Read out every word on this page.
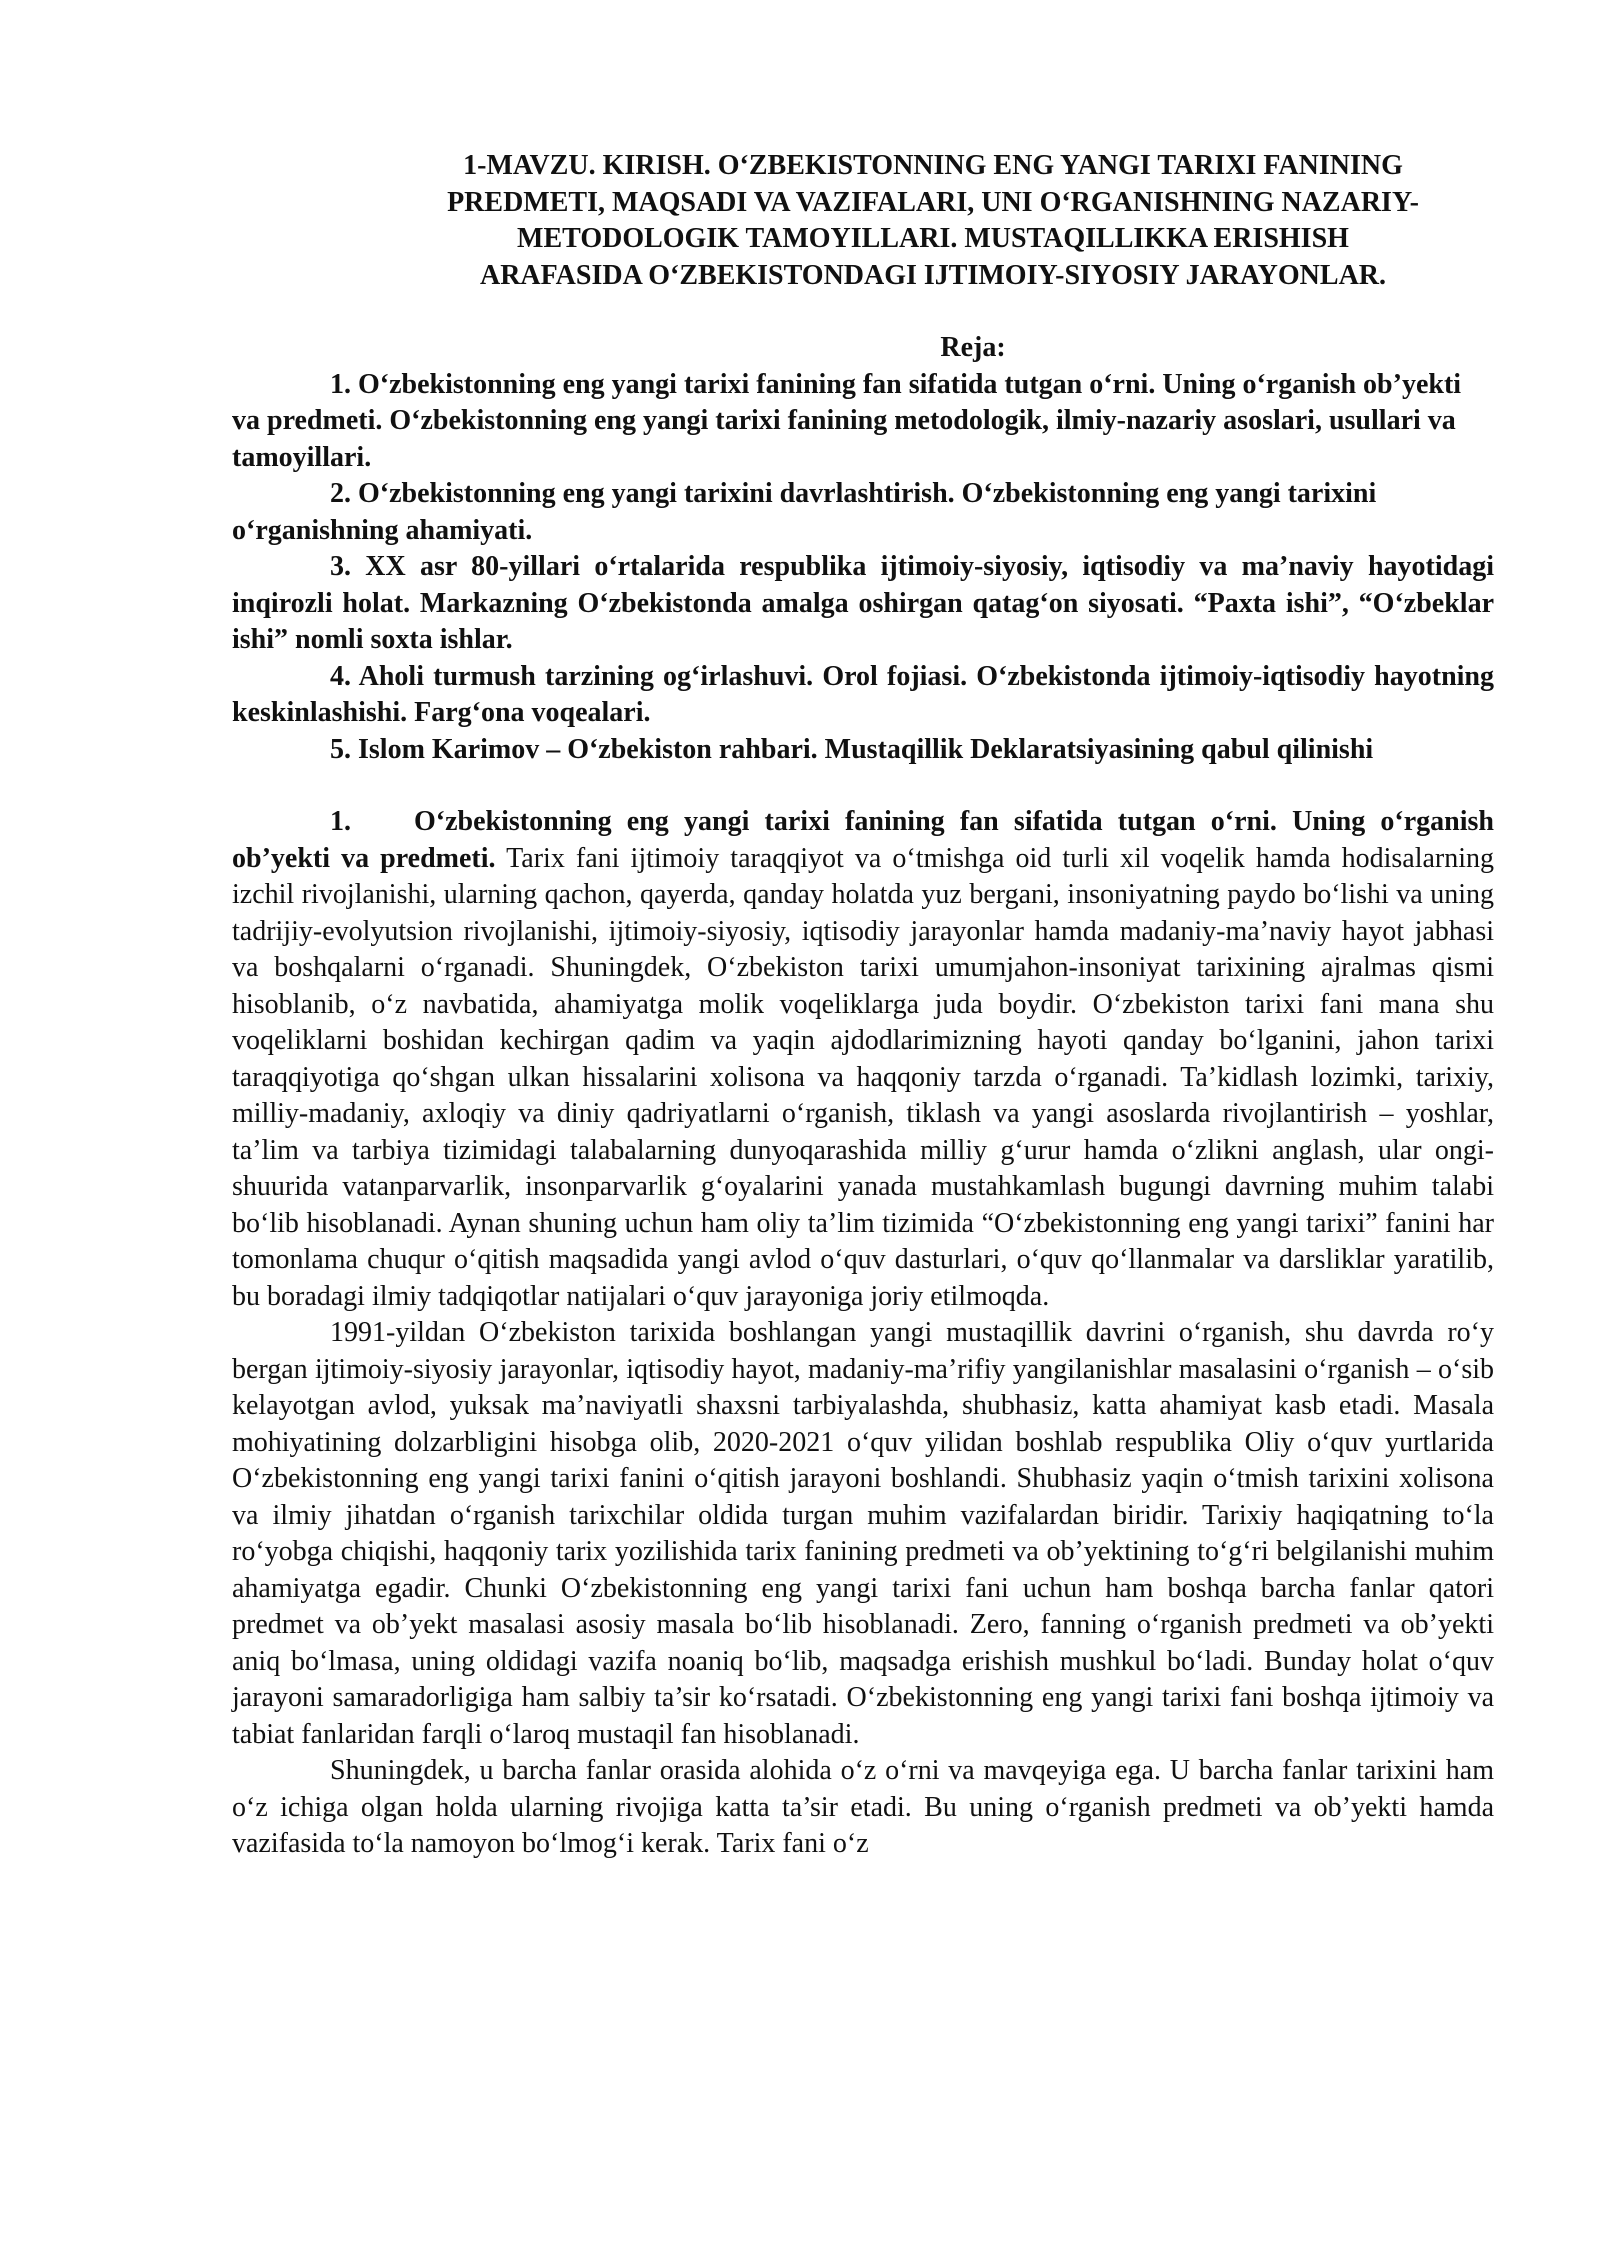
1-MAVZU. KIRISH. O‘ZBEKISTONNING ENG YANGI TARIXI FANINING
PREDMETI, MAQSADI VA VAZIFALARI, UNI O‘RGANISHNING NAZARIY-
METODOLOGIK TAMOYILLARI. MUSTAQILLIKKA ERISHISH
ARAFASIDA O‘ZBEKISTONDAGI IJTIMOIY-SIYOSIY JARAYONLAR.
Reja:

1. O‘zbekistonning eng yangi tarixi fanining fan sifatida tutgan o‘rni. Uning o‘rganish ob’yekti va predmeti. O‘zbekistonning eng yangi tarixi fanining metodologik, ilmiy-nazariy asoslari, usullari va tamoyillari.

2. O‘zbekistonning eng yangi tarixini davrlashtirish. O‘zbekistonning eng yangi tarixini o‘rganishning ahamiyati.

3. XX asr 80-yillari o‘rtalarida respublika ijtimoiy-siyosiy, iqtisodiy va ma’naviy hayotidagi inqirozli holat. Markazning O‘zbekistonda amalga oshirgan qatag‘on siyosati. “Paxta ishi”, “O‘zbeklar ishi” nomli soxta ishlar.

4. Aholi turmush tarzining og‘irlashuvi. Orol fojiasi. O‘zbekistonda ijtimoiy-iqtisodiy hayotning keskinlashishi. Farg‘ona voqealari.

5. Islom Karimov – O‘zbekiston rahbari. Mustaqillik Deklaratsiyasining qabul qilinishi

1. O‘zbekistonning eng yangi tarixi fanining fan sifatida tutgan o‘rni. Uning o‘rganish ob’yekti va predmeti. Tarix fani ijtimoiy taraqqiyot va o‘tmishga oid turli xil voqelik hamda hodisalarning izchil rivojlanishi, ularning qachon, qayerda, qanday holatda yuz bergani, insoniyatning paydo bo‘lishi va uning tadrijiy-evolyutsion rivojlanishi, ijtimoiy-siyosiy, iqtisodiy jarayonlar hamda madaniy-ma’naviy hayot jabhasi va boshqalarni o‘rganadi. Shuningdek, O‘zbekiston tarixi umumjahon-insoniyat tarixining ajralmas qismi hisoblanib, o‘z navbatida, ahamiyatga molik voqeliklarga juda boydir. O‘zbekiston tarixi fani mana shu voqeliklarni boshidan kechirgan qadim va yaqin ajdodlarimizning hayoti qanday bo‘lganini, jahon tarixi taraqqiyotiga qo‘shgan ulkan hissalarini xolisona va haqqoniy tarzda o‘rganadi. Ta’kidlash lozimki, tarixiy, milliy-madaniy, axloqiy va diniy qadriyatlarni o‘rganish, tiklash va yangi asoslarda rivojlantirish – yoshlar, ta’lim va tarbiya tizimidagi talabalarning dunyoqarashida milliy g‘urur hamda o‘zlikni anglash, ular ongi-shuurida vatanparvarlik, insonparvarlik g‘oyalarini yanada mustahkamlash bugungi davrning muhim talabi bo‘lib hisoblanadi. Aynan shuning uchun ham oliy ta’lim tizimida “O‘zbekistonning eng yangi tarixi” fanini har tomonlama chuqur o‘qitish maqsadida yangi avlod o‘quv dasturlari, o‘quv qo‘llanmalar va darsliklar yaratilib, bu boradagi ilmiy tadqiqotlar natijalari o‘quv jarayoniga joriy etilmoqda.

1991-yildan O‘zbekiston tarixida boshlangan yangi mustaqillik davrini o‘rganish, shu davrda ro‘y bergan ijtimoiy-siyosiy jarayonlar, iqtisodiy hayot, madaniy-ma’rifiy yangilanishlar masalasini o‘rganish – o‘sib kelayotgan avlod, yuksak ma’naviyatli shaxsni tarbiyalashda, shubhasiz, katta ahamiyat kasb etadi. Masala mohiyatining dolzarbligini hisobga olib, 2020-2021 o‘quv yilidan boshlab respublika Oliy o‘quv yurtlarida O‘zbekistonning eng yangi tarixi fanini o‘qitish jarayoni boshlandi. Shubhasiz yaqin o‘tmish tarixini xolisona va ilmiy jihatdan o‘rganish tarixchilar oldida turgan muhim vazifalardan biridir. Tarixiy haqiqatning to‘la ro‘yobga chiqishi, haqqoniy tarix yozilishida tarix fanining predmeti va ob’yektining to‘g‘ri belgilanishi muhim ahamiyatga egadir. Chunki O‘zbekistonning eng yangi tarixi fani uchun ham boshqa barcha fanlar qatori predmet va ob’yekt masalasi asosiy masala bo‘lib hisoblanadi. Zero, fanning o‘rganish predmeti va ob’yekti aniq bo‘lmasa, uning oldidagi vazifa noaniq bo‘lib, maqsadga erishish mushkul bo‘ladi. Bunday holat o‘quv jarayoni samaradorligiga ham salbiy ta’sir ko‘rsatadi. O‘zbekistonning eng yangi tarixi fani boshqa ijtimoiy va tabiat fanlaridan farqli o‘laroq mustaqil fan hisoblanadi.

Shuningdek, u barcha fanlar orasida alohida o‘z o‘rni va mavqeyiga ega. U barcha fanlar tarixini ham o‘z ichiga olgan holda ularning rivojiga katta ta’sir etadi. Bu uning o‘rganish predmeti va ob’yekti hamda vazifasida to‘la namoyon bo‘lmog‘i kerak. Tarix fani o‘z
